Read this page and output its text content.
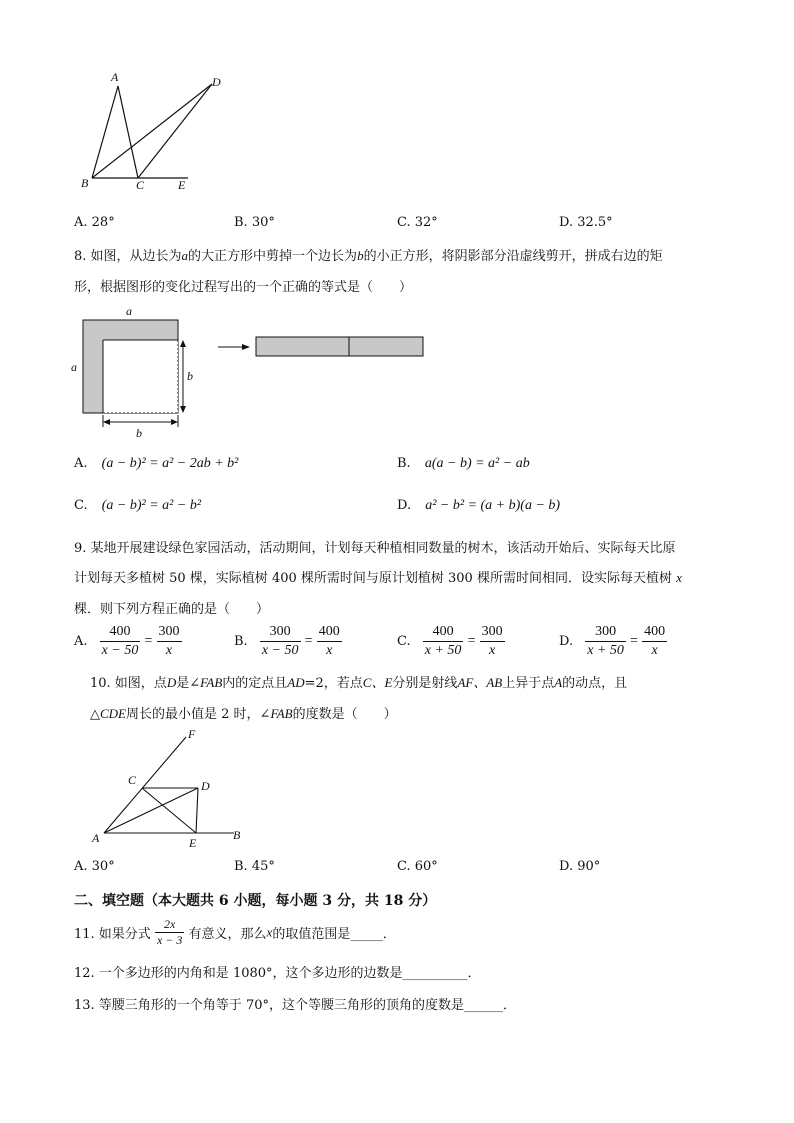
A	D
B	C	E
A. 28°	B. 30°	C. 32°	D. 32.5°
8. 如图，从边长为a的大正方形中剪掉一个边长为b的小正方形，将阴影部分沿虚线剪开，拼成右边的矩
形，根据图形的变化过程写出的一个正确的等式是（　　）
a
a
b
b
A. (a − b)² = a² − 2ab + b²	B. a(a − b) = a² − ab
C. (a − b)² = a² − b²	D. a² − b² = (a + b)(a − b)
9. 某地开展建设绿色家园活动，活动期间，计划每天种植相同数量的树木，该活动开始后、实际每天比原
计划每天多植树 50 棵，实际植树 400 棵所需时间与原计划植树 300 棵所需时间相同．设实际每天植树 x
棵．则下列方程正确的是（　　）
A. $\frac{400}{x - 50} = \frac{300}{x}$	B. $\frac{300}{x - 50} = \frac{400}{x}$	C. $\frac{400}{x + 50} = \frac{300}{x}$	D. $\frac{300}{x + 50} = \frac{400}{x}$
10. 如图，点D是∠FAB内的定点且AD=2，若点C、E分别是射线AF、AB上异于点A的动点，且
△CDE周长的最小值是 2 时，∠FAB的度数是（　　）
F
C	D
A	E
B
A. 30°	B. 45°	C. 60°	D. 90°
二、填空题（本大题共 6 小题，每小题 3 分，共 18 分）
11. 如果分式 $\frac{2x}{x - 3}$ 有意义，那么x的取值范围是_____．
12. 一个多边形的内角和是 1080°，这个多边形的边数是__________．
13. 等腰三角形的一个角等于 70°，这个等腰三角形的顶角的度数是______．
